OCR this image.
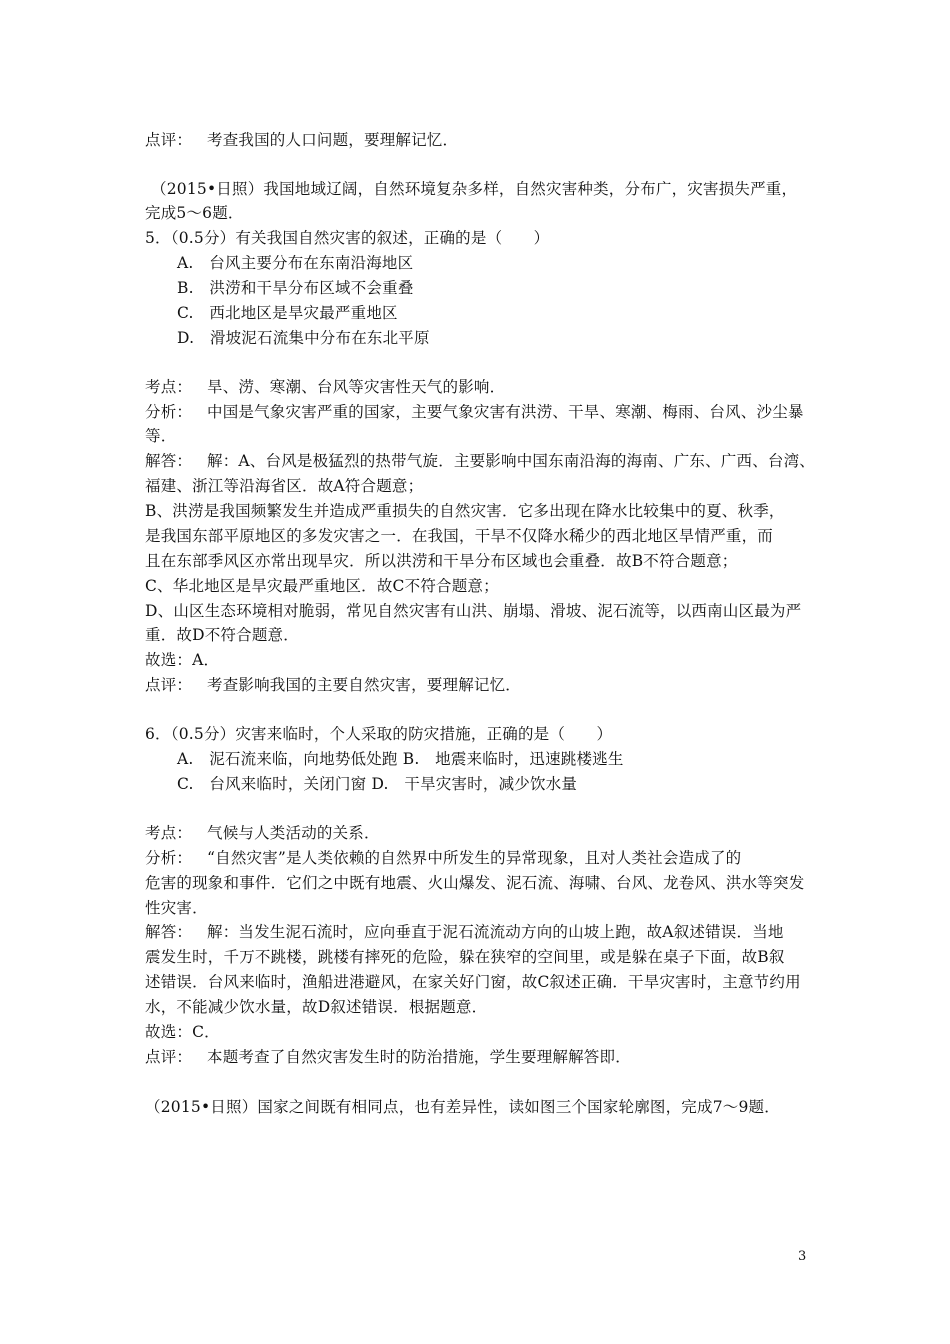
点评： 考查我国的人口问题，要理解记忆．
（2015•日照）我国地域辽阔，自然环境复杂多样，自然灾害种类，分布广，灾害损失严重，
完成5～6题．
5．（0.5分）有关我国自然灾害的叙述，正确的是（　　）
A.　台风主要分布在东南沿海地区
B.　洪涝和干旱分布区域不会重叠
C.　西北地区是旱灾最严重地区
D.　滑坡泥石流集中分布在东北平原
考点： 旱、涝、寒潮、台风等灾害性天气的影响．
分析： 中国是气象灾害严重的国家，主要气象灾害有洪涝、干旱、寒潮、梅雨、台风、沙尘暴
等．
解答： 解：A、台风是极猛烈的热带气旋．主要影响中国东南沿海的海南、广东、广西、台湾、
福建、浙江等沿海省区．故A符合题意；
B、洪涝是我国频繁发生并造成严重损失的自然灾害．它多出现在降水比较集中的夏、秋季，
是我国东部平原地区的多发灾害之一．在我国，干旱不仅降水稀少的西北地区旱情严重，而
且在东部季风区亦常出现旱灾．所以洪涝和干旱分布区域也会重叠．故B不符合题意；
C、华北地区是旱灾最严重地区．故C不符合题意；
D、山区生态环境相对脆弱，常见自然灾害有山洪、崩塌、滑坡、泥石流等，以西南山区最为严
重．故D不符合题意．
故选：A．
点评： 考查影响我国的主要自然灾害，要理解记忆．
6．（0.5分）灾害来临时，个人采取的防灾措施，正确的是（　　）
A.　泥石流来临，向地势低处跑 B.　地震来临时，迅速跳楼逃生
C.　台风来临时，关闭门窗 D.　干旱灾害时，减少饮水量
考点： 气候与人类活动的关系．
分析： “自然灾害”是人类依赖的自然界中所发生的异常现象，且对人类社会造成了的
危害的现象和事件．它们之中既有地震、火山爆发、泥石流、海啸、台风、龙卷风、洪水等突发
性灾害．
解答： 解：当发生泥石流时，应向垂直于泥石流流动方向的山坡上跑，故A叙述错误．当地
震发生时，千万不跳楼，跳楼有摔死的危险，躲在狭窄的空间里，或是躲在桌子下面，故B叙
述错误．台风来临时，渔船进港避风，在家关好门窗，故C叙述正确．干旱灾害时，主意节约用
水，不能减少饮水量，故D叙述错误．根据题意．
故选：C．
点评： 本题考查了自然灾害发生时的防治措施，学生要理解解答即．
（2015•日照）国家之间既有相同点，也有差异性，读如图三个国家轮廓图，完成7～9题．
3
